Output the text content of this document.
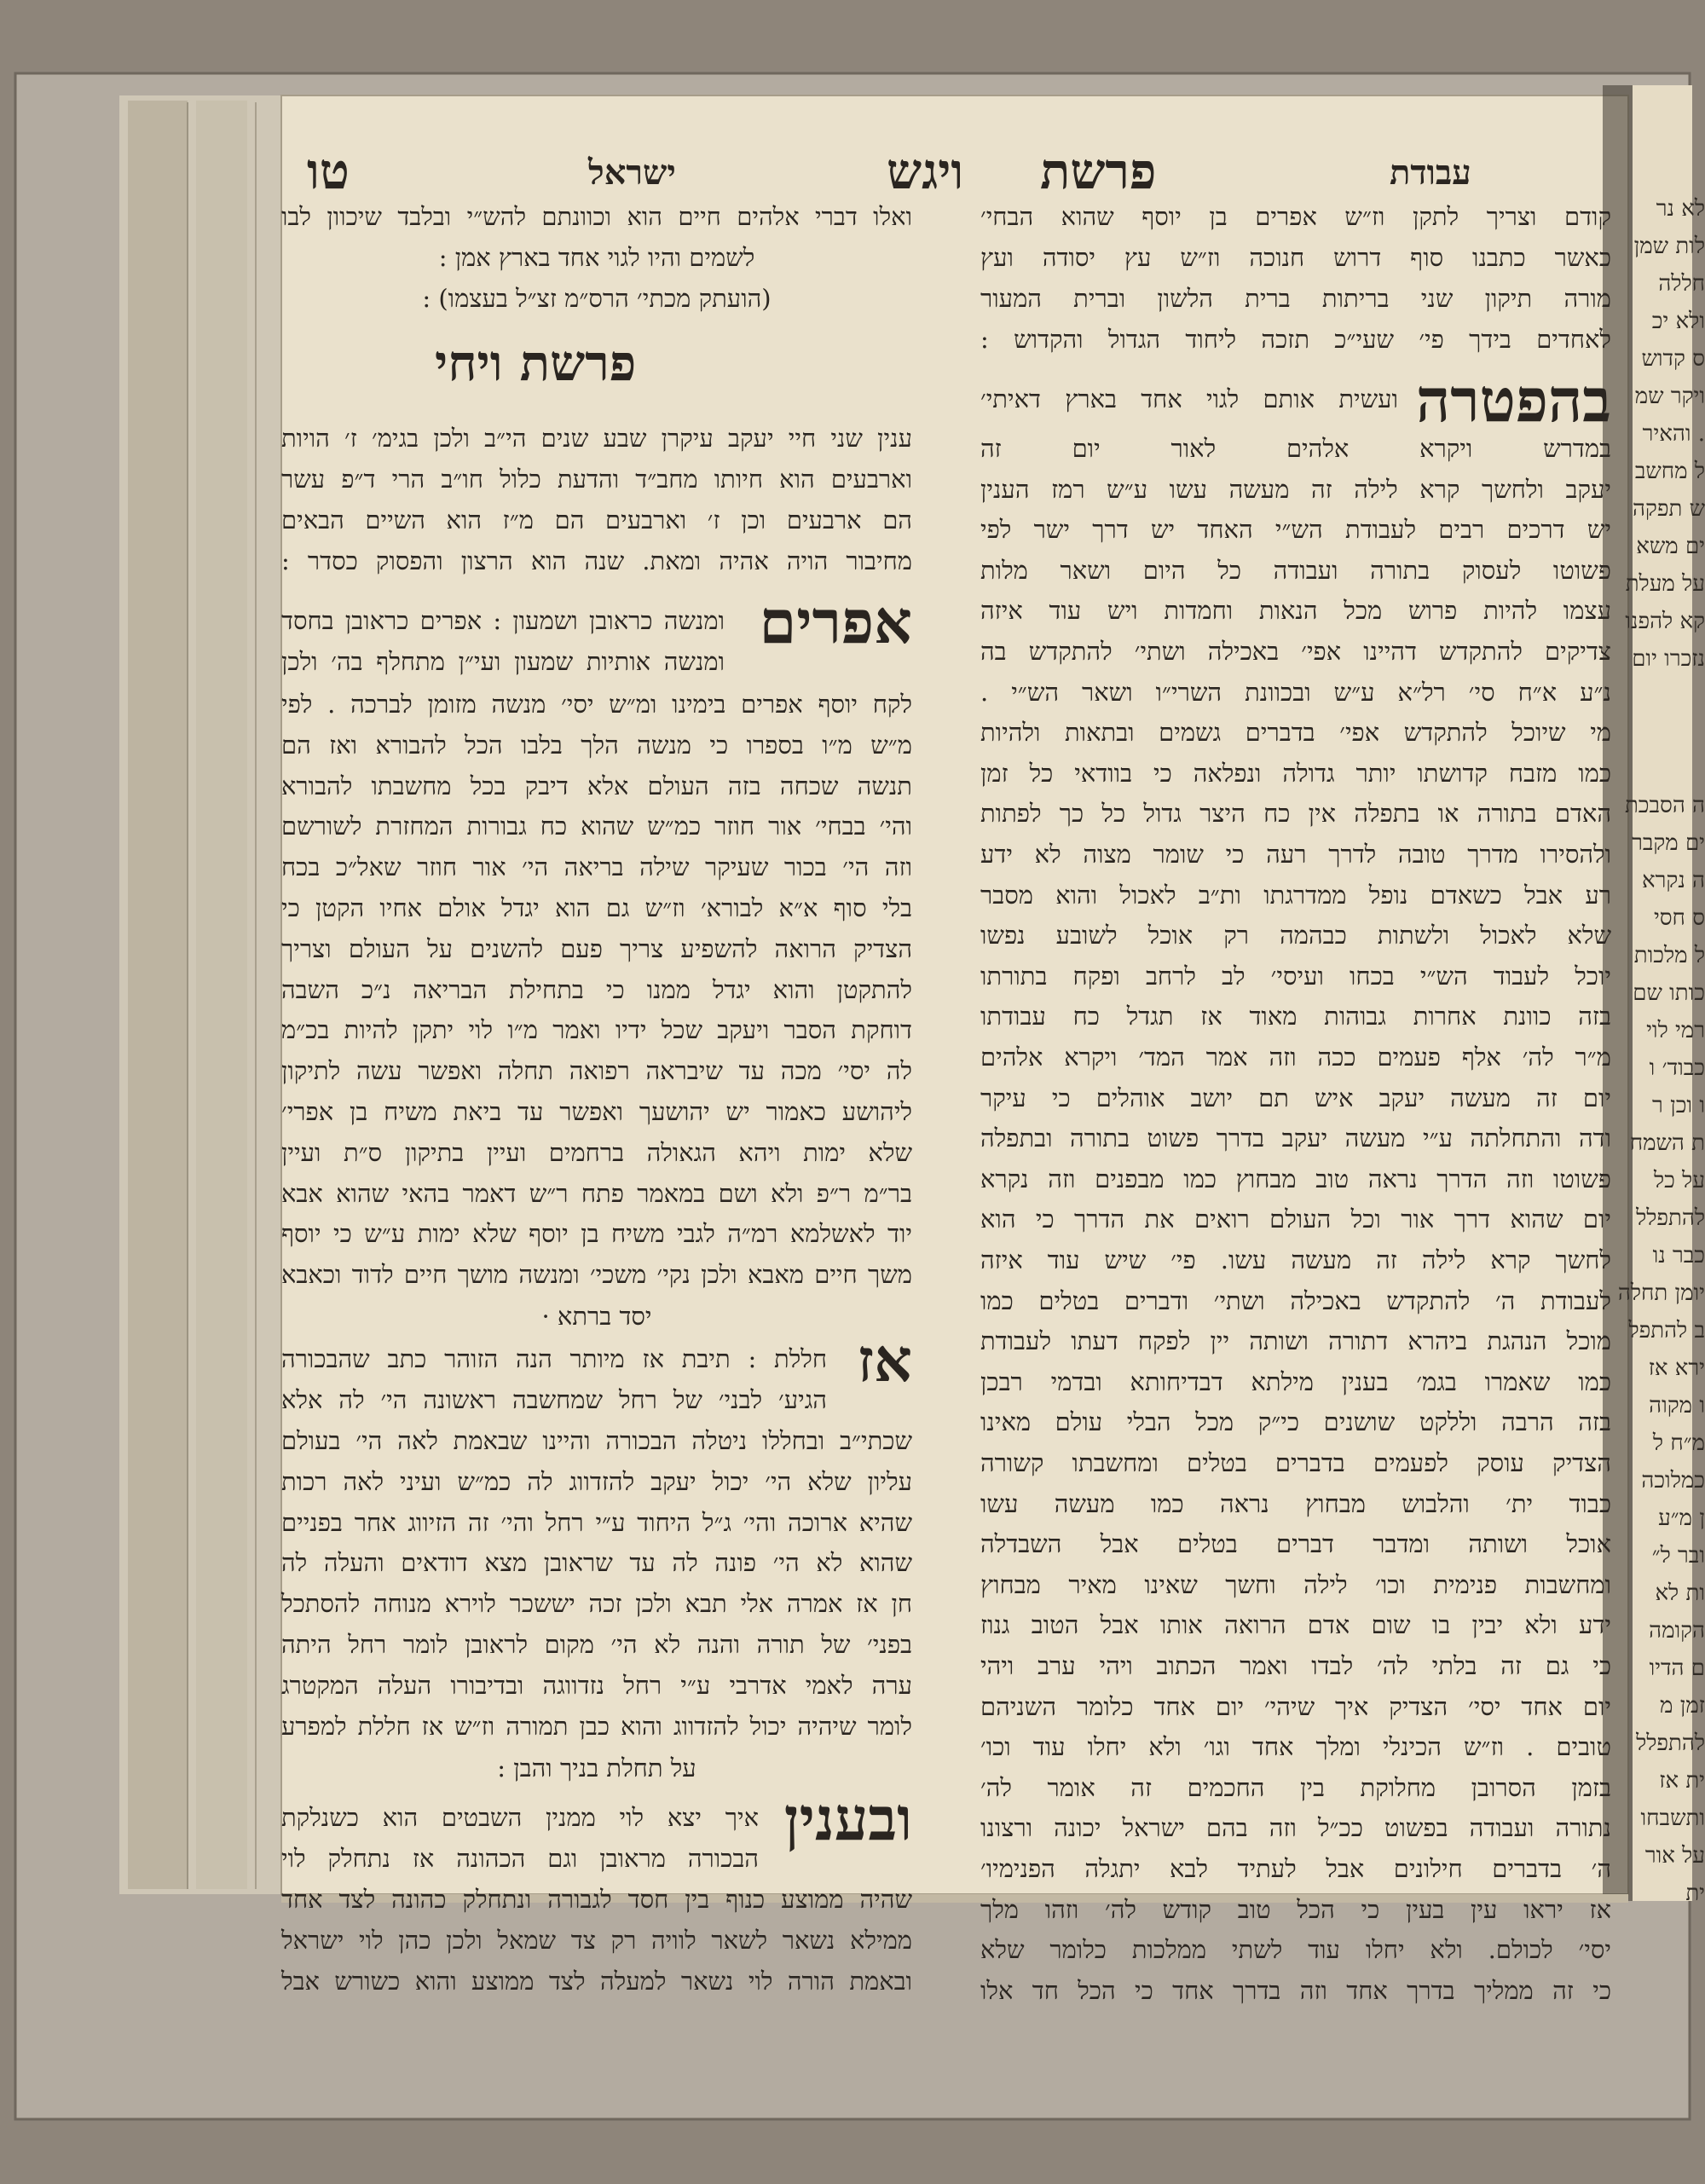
טו	ישראל	ויגש פרשת	עבודת
קודם וצריך לתקן וז״ש אפרים בן יוסף שהוא הבחי׳
כאשר כתבנו סוף דרוש חנוכה וז״ש עץ יסודה ועץ
מורה תיקון שני בריתות ברית הלשון וברית המעור
לאחדים בידך פי׳ שעי״כ תזכה ליחוד הגדול והקדוש :
בהפטרה
ועשית אותם לגוי אחד בארץ דאיתי׳
במדרש ויקרא אלהים לאור יום זה
יעקב ולחשך קרא לילה זה מעשה עשו ע״ש רמז הענין
יש דרכים רבים לעבודת הש״י האחד יש דרך ישר לפי
פשוטו לעסוק בתורה ועבודה כל היום ושאר מלות
עצמו להיות פרוש מכל הנאות וחמדות ויש עוד איזה
צדיקים להתקדש דהיינו אפי׳ באכילה ושתי׳ להתקדש בה
נ״ע א״ח סי׳ רל״א ע״ש ובכוונת השרי״ו ושאר הש״י .
מי שיוכל להתקדש אפי׳ בדברים גשמים ובתאות ולהיות
כמו מזבח קדושתו יותר גדולה ונפלאה כי בוודאי כל זמן
האדם בתורה או בתפלה אין כח היצר גדול כל כך לפתות
ולהסירו מדרך טובה לדרך רעה כי שומר מצוה לא ידע
רע אבל כשאדם נופל ממדרגתו ות״ב לאכול והוא מסבר
שלא לאכול ולשתות כבהמה רק אוכל לשובע נפשו
יוכל לעבוד הש״י בכחו ועיסי׳ לב לרחב ופקח בתורתו
בזה כוונת אחרות גבוהות מאוד אז תגדל כח עבודתו
מ״ר לה׳ אלף פעמים ככה וזה אמר המד׳ ויקרא אלהים
יום זה מעשה יעקב איש תם יושב אוהלים כי עיקר
ודה והתחלתה ע״י מעשה יעקב בדרך פשוט בתורה ובתפלה
פשוטו וזה הדרך נראה טוב מבחוץ כמו מבפנים וזה נקרא
יום שהוא דרך אור וכל העולם רואים את הדרך כי הוא
לחשך קרא לילה זה מעשה עשו. פי׳ שיש עוד איזה
לעבודת ה׳ להתקדש באכילה ושתי׳ ודברים בטלים כמו
מוכל הנהגת ביהרא דתורה ושותה יין לפקח דעתו לעבודת
כמו שאמרו בגמ׳ בענין מילתא דבדיחותא ובדמי רבכן
בזה הרבה וללקט שושנים כי״ק מכל הבלי עולם מאינו
הצדיק עוסק לפעמים בדברים בטלים ומחשבתו קשורה
כבוד ית׳ והלבוש מבחוץ נראה כמו מעשה עשו
אוכל ושותה ומדבר דברים בטלים אבל השבדלה
ומחשבות פנימית וכו׳ לילה וחשך שאינו מאיר מבחוץ
ידע ולא יבין בו שום אדם הרואה אותו אבל הטוב גנוז
כי גם זה בלתי לה׳ לבדו ואמר הכתוב ויהי ערב ויהי
יום אחד יסי׳ הצדיק איך שיהי׳ יום אחד כלומר השניהם
טובים . וז״ש הכינלי ומלך אחד וגו׳ ולא יחלו עוד וכו׳
בזמן הסרובן מחלוקת בין החכמים זה אומר לה׳
נתורה ועבודה בפשוט ככ״ל וזה בהם ישראל יכונה ורצונו
ה׳ בדברים חילונים אבל לעתיד לבא יתגלה הפנימיו׳
אז יראו עין בעין כי הכל טוב קודש לה׳ וזהו מלך
יסי׳ לכולם. ולא יחלו עוד לשתי ממלכות כלומר שלא
כי זה ממליך בדרך אחד וזה בדרך אחד כי הכל חד אלו
ואלו דברי אלהים חיים הוא וכוונתם להש״י ובלבד שיכוון לבו
לשמים והיו לגוי אחד בארץ אמן :
(הועתק מכתי׳ הרס״מ זצ״ל בעצמו) :
פרשת ויחי
ענין שני חיי יעקב עיקרן שבע שנים הי״ב ולכן בגימ׳ ז׳ הויות
וארבעים הוא חיותו מחב״ד והדעת כלול חו״ב הרי ד״פ עשר
הם ארבעים וכן ז׳ וארבעים הם מ״ז הוא השיים הבאים
מחיבור הויה אהיה ומאת. שנה הוא הרצון והפסוק כסדר :
אפרים
ומנשה כראובן ושמעון : אפרים כראובן בחסד
ומנשה אותיות שמעון ועי״ן מתחלף בה׳ ולכן
לקח יוסף אפרים בימינו ומ״ש יסי׳ מנשה מזומן לברכה . לפי
מ״ש מ״ו בספרו כי מנשה הלך בלבו הכל להבורא ואז הם
תנשה שכחה בזה העולם אלא דיבק בכל מחשבתו להבורא
והי׳ בבחי׳ אור חוזר כמ״ש שהוא כח גבורות המחזרת לשורשם
וזה הי׳ בכור שעיקר שילה בריאה הי׳ אור חוזר שאל״כ בכח
בלי סוף א״א לבורא׳ וז״ש גם הוא יגדל אולם אחיו הקטן כי
הצדיק הרואה להשפיע צריך פעם להשנים על העולם וצריך
להתקטן והוא יגדל ממנו כי בתחילת הבריאה נ״כ השבה
דוחקת הסבר ויעקב שכל ידיו ואמר מ״ו לוי יתקן להיות בכ״מ
לה יסי׳ מכה עד שיבראה רפואה תחלה ואפשר עשה לתיקון
ליהושע כאמור יש יהושעך ואפשר עד ביאת משיח בן אפרי׳
שלא ימות ויהא הגאולה ברחמים ועיין בתיקון ס״ת ועיין
בר״מ ר״פ ולא ושם במאמר פתח ר״ש דאמר בהאי שהוא אבא
יוד לאשלמא רמ״ה לגבי משיח בן יוסף שלא ימות ע״ש כי יוסף
משך חיים מאבא ולכן נקי׳ משכי׳ ומנשה מושך חיים לדוד וכאבא
יסד ברתא ·
אז
חללת : תיבת אז מיותר הנה הזוהר כתב שהבכורה
הגיע׳ לבני׳ של רחל שמחשבה ראשונה הי׳ לה אלא
שכתי״ב ובחללו ניטלה הבכורה והיינו שבאמת לאה הי׳ בעולם
עליון שלא הי׳ יכול יעקב להזדווג לה כמ״ש ועיני לאה רכות
שהיא ארוכה והי׳ ג״ל היחוד ע״י רחל והי׳ זה הזיווג אחר בפניים
שהוא לא הי׳ פונה לה עד שראובן מצא דודאים והעלה לה
חן אז אמרה אלי תבא ולכן זכה יששכר לוירא מנוחה להסתכל
בפני׳ של תורה והנה לא הי׳ מקום לראובן לומר רחל היתה
ערה לאמי אדרבי ע״י רחל נזדווגה ובדיבורו העלה המקטרג
לומר שיהיה יכול להזדווג והוא כבן תמורה וז״ש אז חללת למפרע
על תחלת בניך והבן :
ובענין
איך יצא לוי ממנין השבטים הוא כשנלקת
הבכורה מראובן וגם הכהונה אז נתחלק לוי
שהיה ממוצע כנוף בין חסד לגבורה ונתחלק כהונה לצד אחד
ממילא נשאר לשאר לוויה רק צד שמאל ולכן כהן לוי ישראל
ובאמת הורה לוי נשאר למעלה לצד ממוצע והוא כשורש אבל
לא נר
לות שמן
חללה
ולא יכ
ס קדוש
ויקר שמ
. והאיר
ל מחשב
ש תפקה
ים משא
על מעלת
קא להפנו
נזכרו יום
ה הסבכת
ים מקבר
ה נקרא
ס חסי
ל מלכות
כותו שם
רמי לוי
כבוד׳ ו
ו וכן ר
ת השמח
על כל
להתפלל
כבר נו
יומן תחלה
ב להתפל
ירא אז
ו מקוה
מ״ח ל
כמלוכה
ן מ״ע
ובר ל״
ות לא
הקומה
ם הדיו
זמן מ
להתפלל
ית אז
ותשבחו
על אור
ית
